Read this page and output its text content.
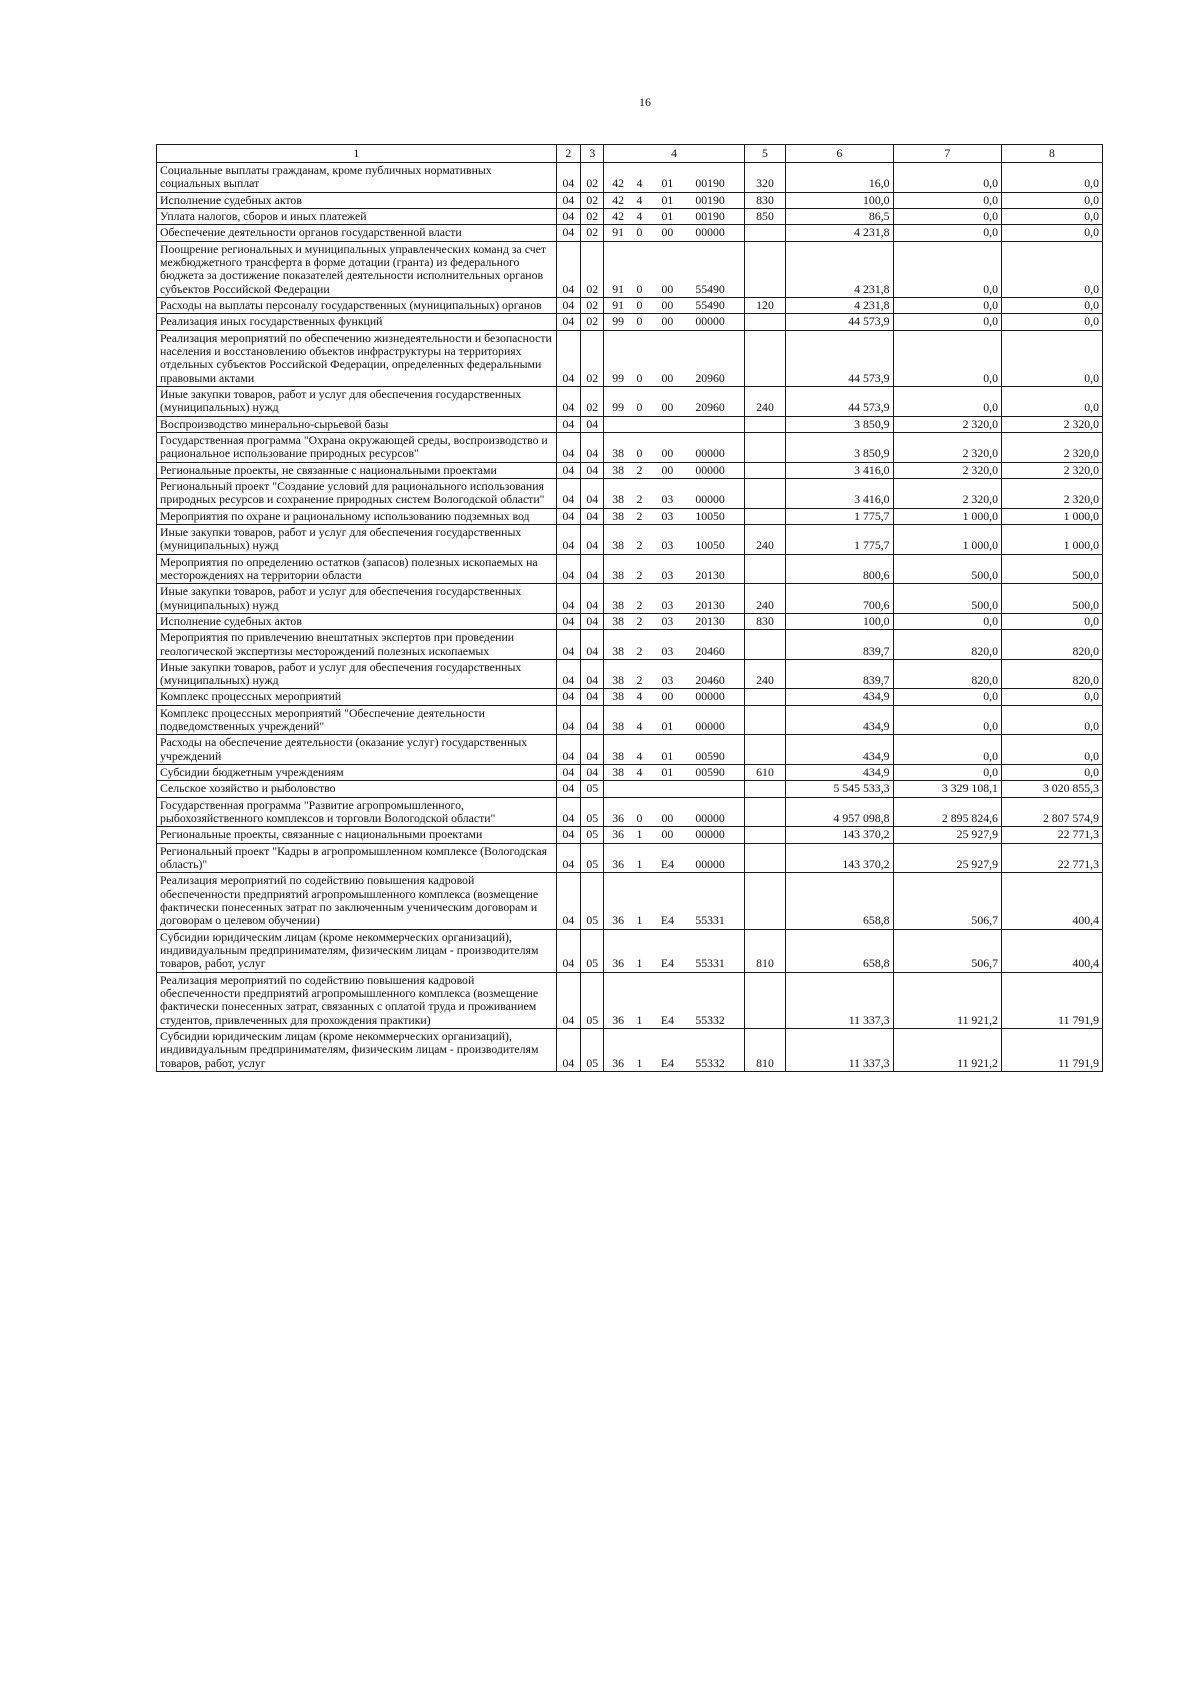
16
1	2	3	4	5	6	7	8
Социальные выплаты гражданам, кроме публичных нормативных социальных выплат	04	02	42 4 01 00190	320	16,0	0,0	0,0
Исполнение судебных актов	04	02	42 4 01 00190	830	100,0	0,0	0,0
Уплата налогов, сборов и иных платежей	04	02	42 4 01 00190	850	86,5	0,0	0,0
Обеспечение деятельности органов государственной власти	04	02	91 0 00 00000		4 231,8	0,0	0,0
Поощрение региональных и муниципальных управленческих команд за счет межбюджетного трансферта в форме дотации (гранта) из федерального бюджета за достижение показателей деятельности исполнительных органов субъектов Российской Федерации	04	02	91 0 00 55490		4 231,8	0,0	0,0
Расходы на выплаты персоналу государственных (муниципальных) органов	04	02	91 0 00 55490	120	4 231,8	0,0	0,0
Реализация иных государственных функций	04	02	99 0 00 00000		44 573,9	0,0	0,0
Реализация мероприятий по обеспечению жизнедеятельности и безопасности населения и восстановлению объектов инфраструктуры на территориях отдельных субъектов Российской Федерации, определенных федеральными правовыми актами	04	02	99 0 00 20960		44 573,9	0,0	0,0
Иные закупки товаров, работ и услуг для обеспечения государственных (муниципальных) нужд	04	02	99 0 00 20960	240	44 573,9	0,0	0,0
Воспроизводство минерально-сырьевой базы	04	04			3 850,9	2 320,0	2 320,0
Государственная программа "Охрана окружающей среды, воспроизводство и рациональное использование природных ресурсов"	04	04	38 0 00 00000		3 850,9	2 320,0	2 320,0
Региональные проекты, не связанные с национальными проектами	04	04	38 2 00 00000		3 416,0	2 320,0	2 320,0
Региональный проект "Создание условий для рационального использования природных ресурсов и сохранение природных систем Вологодской области"	04	04	38 2 03 00000		3 416,0	2 320,0	2 320,0
Мероприятия по охране и рациональному использованию подземных вод	04	04	38 2 03 10050		1 775,7	1 000,0	1 000,0
Иные закупки товаров, работ и услуг для обеспечения государственных (муниципальных) нужд	04	04	38 2 03 10050	240	1 775,7	1 000,0	1 000,0
Мероприятия по определению остатков (запасов) полезных ископаемых на месторождениях на территории области	04	04	38 2 03 20130		800,6	500,0	500,0
Иные закупки товаров, работ и услуг для обеспечения государственных (муниципальных) нужд	04	04	38 2 03 20130	240	700,6	500,0	500,0
Исполнение судебных актов	04	04	38 2 03 20130	830	100,0	0,0	0,0
Мероприятия по привлечению внештатных экспертов при проведении геологической экспертизы месторождений полезных ископаемых	04	04	38 2 03 20460		839,7	820,0	820,0
Иные закупки товаров, работ и услуг для обеспечения государственных (муниципальных) нужд	04	04	38 2 03 20460	240	839,7	820,0	820,0
Комплекс процессных мероприятий	04	04	38 4 00 00000		434,9	0,0	0,0
Комплекс процессных мероприятий "Обеспечение деятельности подведомственных учреждений"	04	04	38 4 01 00000		434,9	0,0	0,0
Расходы на обеспечение деятельности (оказание услуг) государственных учреждений	04	04	38 4 01 00590		434,9	0,0	0,0
Субсидии бюджетным учреждениям	04	04	38 4 01 00590	610	434,9	0,0	0,0
Сельское хозяйство и рыболовство	04	05			5 545 533,3	3 329 108,1	3 020 855,3
Государственная программа "Развитие агропромышленного, рыбохозяйственного комплексов и торговли Вологодской области"	04	05	36 0 00 00000		4 957 098,8	2 895 824,6	2 807 574,9
Региональные проекты, связанные с национальными проектами	04	05	36 1 00 00000		143 370,2	25 927,9	22 771,3
Региональный проект "Кадры в агропромышленном комплексе (Вологодская область)"	04	05	36 1 E4 00000		143 370,2	25 927,9	22 771,3
Реализация мероприятий по содействию повышения кадровой обеспеченности предприятий агропромышленного комплекса (возмещение фактически понесенных затрат по заключенным ученическим договорам и договорам о целевом обучении)	04	05	36 1 E4 55331		658,8	506,7	400,4
Субсидии юридическим лицам (кроме некоммерческих организаций), индивидуальным предпринимателям, физическим лицам - производителям товаров, работ, услуг	04	05	36 1 E4 55331	810	658,8	506,7	400,4
Реализация мероприятий по содействию повышения кадровой обеспеченности предприятий агропромышленного комплекса (возмещение фактически понесенных затрат, связанных с оплатой труда и проживанием студентов, привлеченных для прохождения практики)	04	05	36 1 E4 55332		11 337,3	11 921,2	11 791,9
Субсидии юридическим лицам (кроме некоммерческих организаций), индивидуальным предпринимателям, физическим лицам - производителям товаров, работ, услуг	04	05	36 1 E4 55332	810	11 337,3	11 921,2	11 791,9
